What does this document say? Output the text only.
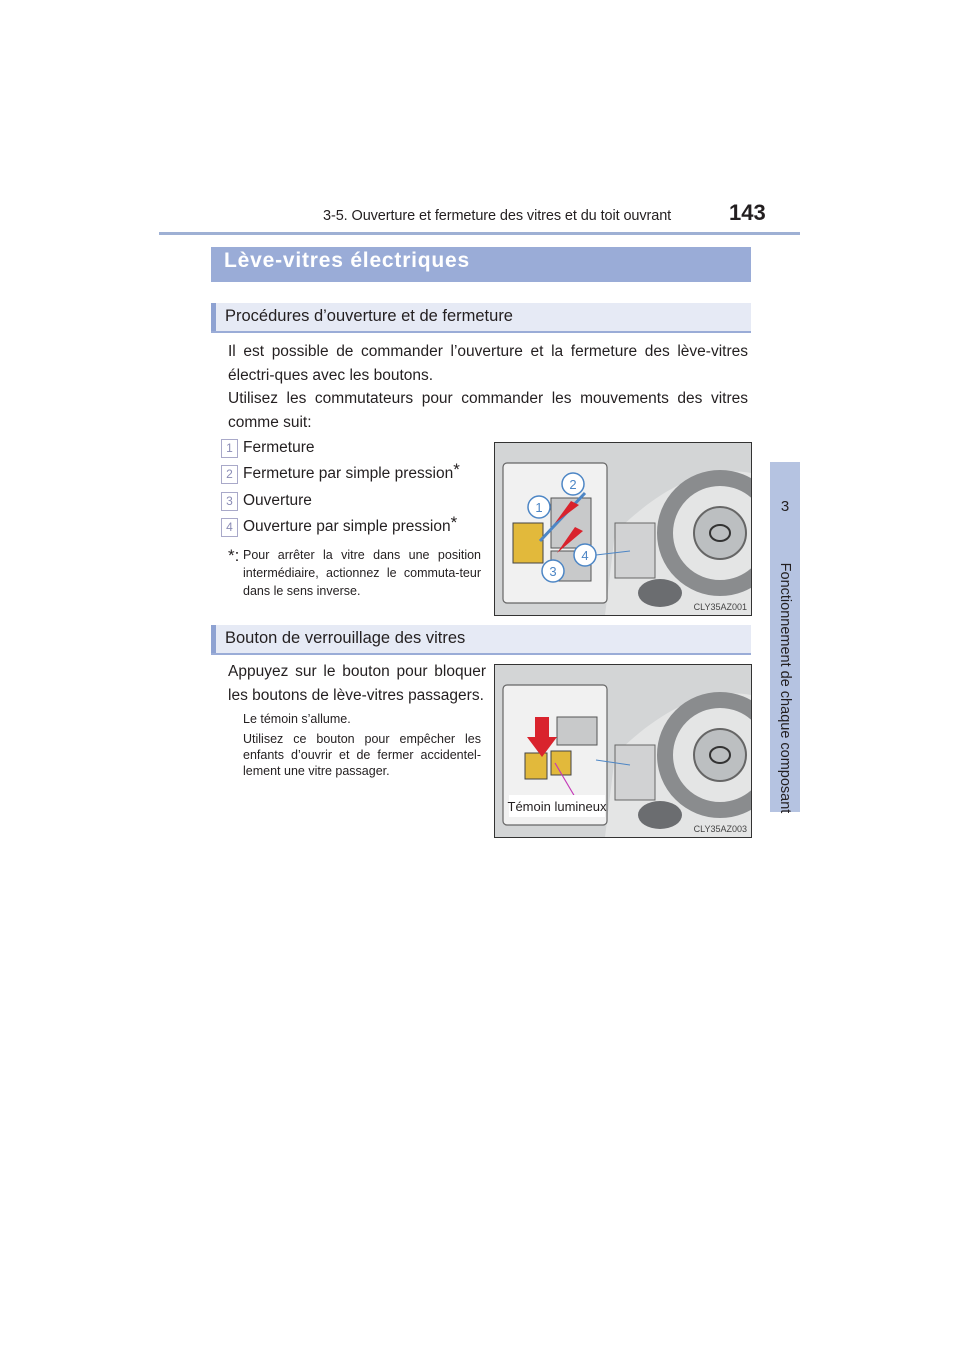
3-5. Ouverture et fermeture des vitres et du toit ouvrant	143
3
Fonctionnement de chaque composant
Lève-vitres électriques
Procédures d’ouverture et de fermeture
Il est possible de commander l’ouverture et la fermeture des lève-vitres électri-ques avec les boutons.
Utilisez les commutateurs pour commander les mouvements des vitres comme suit:
1 Fermeture
2 Fermeture par simple pression*
3 Ouverture
4 Ouverture par simple pression*
*: Pour arrêter la vitre dans une position intermédiaire, actionnez le commuta-teur dans le sens inverse.
1
2
3
4
CLY35AZ001
Bouton de verrouillage des vitres
Appuyez sur le bouton pour bloquer les boutons de lève-vitres passagers.
Le témoin s’allume.
Utilisez ce bouton pour empêcher les enfants d’ouvrir et de fermer accidentel-lement une vitre passager.
Témoin lumineux
CLY35AZ003
